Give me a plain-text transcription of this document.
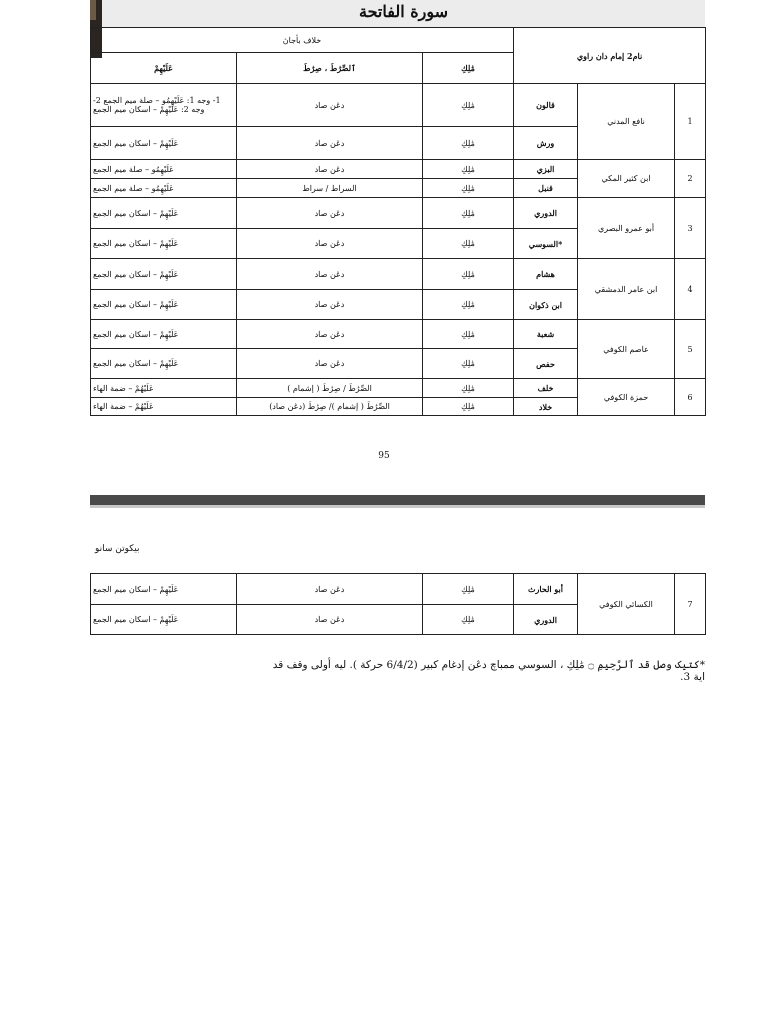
سورة الفاتحة
خلاف بأجاڽ			نام2 إمام دان راوي		
عَلَيْهِمْ	ٱلصِّرَٰطَ ، صِرَٰطَ	مَٰلِكِ			
1- وجه 1: عَلَيْهِمُو – صلة ميم الجمع 2- وجه 2: عَلَيْهِمْ – اسكان ميم الجمع	دڠن صاد	مَٰلِكِ	قالون	نافع المدني	1
عَلَيْهِمْ – اسكان ميم الجمع	دڠن صاد	مَٰلِكِ	ورش		
عَلَيْهِمُو – صلة ميم الجمع	دڠن صاد	مَٰلِكِ	البزي	ابن كثير المكي	2
عَلَيْهِمُو – صلة ميم الجمع	السراط / سراط	مَٰلِكِ	قنبل		
عَلَيْهِمْ – اسكان ميم الجمع	دڠن صاد	مَٰلِكِ	الدوري	أبو عمرو البصري	3
عَلَيْهِمْ – اسكان ميم الجمع	دڠن صاد	مَٰلِكِ	*السوسي		
عَلَيْهِمْ – اسكان ميم الجمع	دڠن صاد	مَٰلِكِ	هشام	ابن عامر الدمشقي	4
عَلَيْهِمْ – اسكان ميم الجمع	دڠن صاد	مَٰلِكِ	ابن ذكوان		
عَلَيْهِمْ – اسكان ميم الجمع	دڠن صاد	مَٰلِكِ	شعبة	عاصم الكوفي	5
عَلَيْهِمْ – اسكان ميم الجمع	دڠن صاد	مَٰلِكِ	حفص		
عَلَيْهُمْ – ضمة الهاء	الصِّرَٰطَ / صِرَٰطَ ( إشمام )	مَٰلِكِ	خلف	حمزة الكوفي	6
عَلَيْهُمْ – ضمة الهاء	الصِّرَٰطَ ( إشمام )/ صِرَٰطَ (دڠن صاد)	مَٰلِكِ	خلاد		
95
بيكوتن سانو
عَلَيْهِمْ – اسكان ميم الجمع	دڠن صاد	مَٰلِكِ	أبو الحارث	الكسائي الكوفي	7
عَلَيْهِمْ – اسكان ميم الجمع	دڠن صاد	مَٰلِكِ	الدوري		
*كتيک وصل قد ٱلرَّحِيمِ ۝ مَٰلِكِ ، السوسي ممباچ دڠن إدغام كبير (6/4/2 حركة ). ليه أولى وقف قد اية 3.
